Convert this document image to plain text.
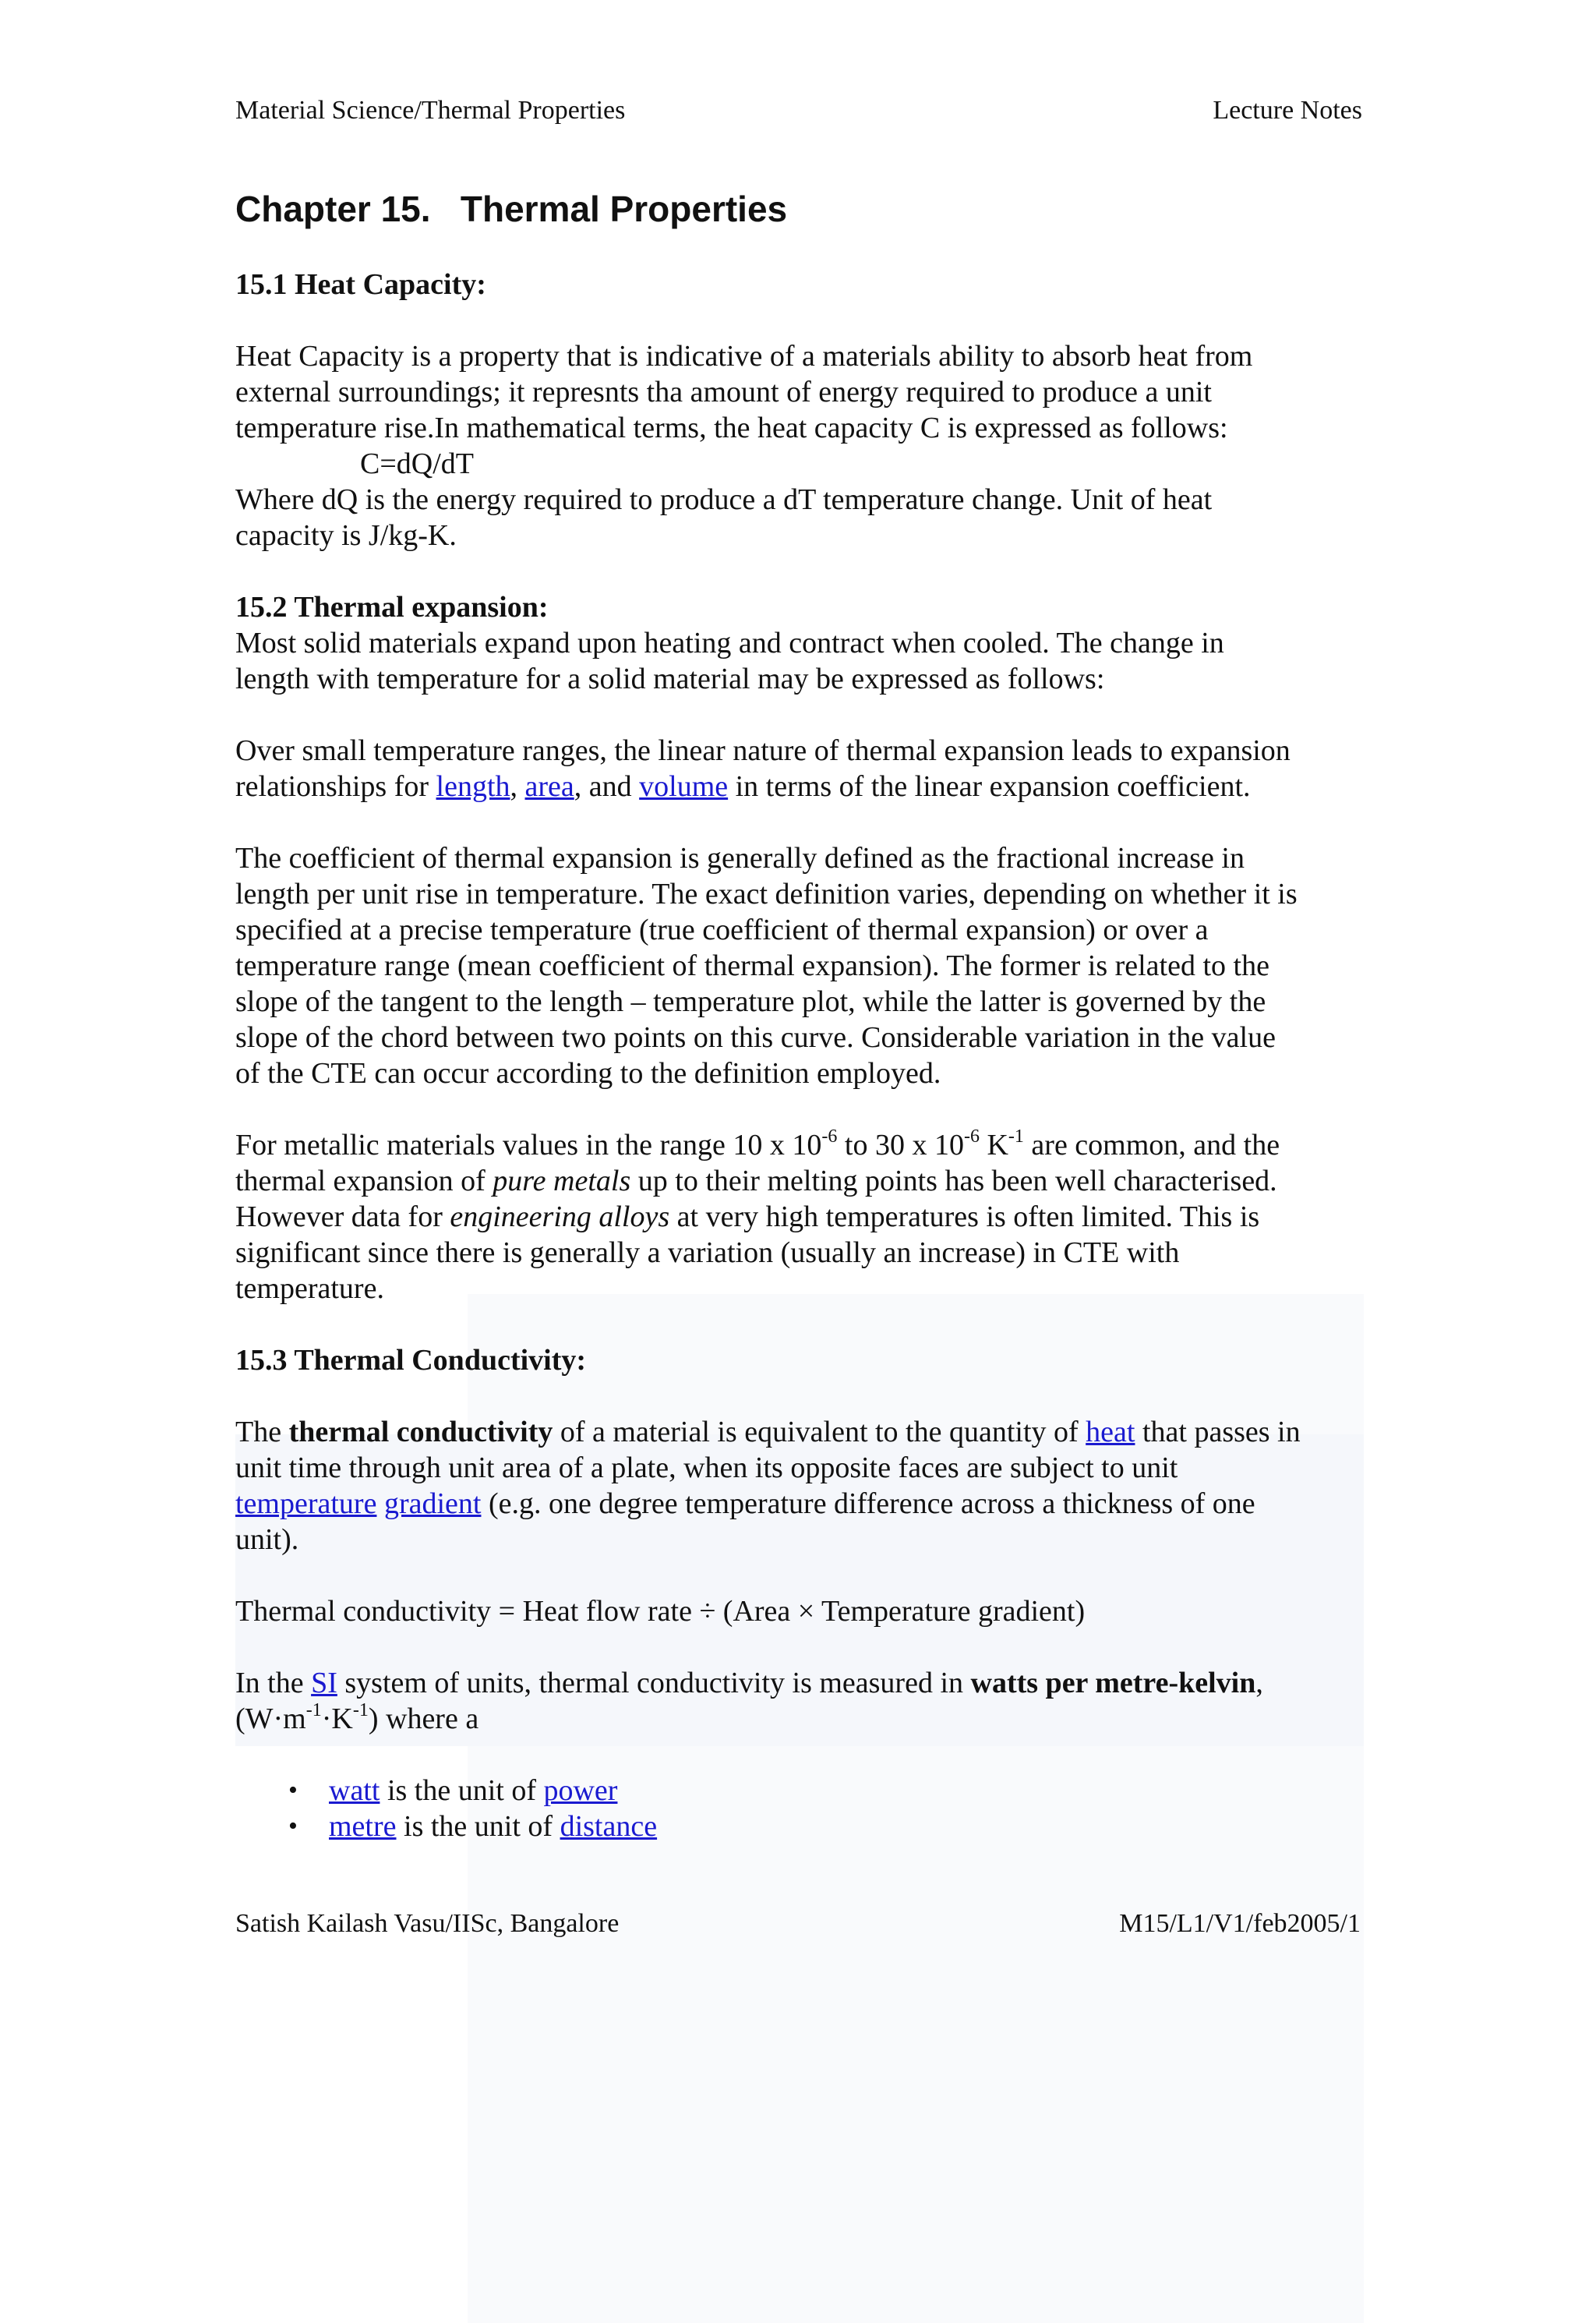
Material Science/Thermal Properties	Lecture Notes
Chapter 15.   Thermal Properties

15.1 Heat Capacity:

Heat Capacity is a property that is indicative of a materials ability to absorb heat from
external surroundings; it represnts tha amount of energy required to produce a unit
temperature rise.In mathematical terms, the heat capacity C is expressed as follows:

C=dQ/dT

Where dQ is the energy required to produce a dT temperature change. Unit of heat
capacity is J/kg-K.

15.2 Thermal expansion:

Most solid materials expand upon heating and contract when cooled. The change in
length with temperature for a solid material may be expressed as follows:

Over small temperature ranges, the linear nature of thermal expansion leads to expansion
relationships for length, area, and volume in terms of the linear expansion coefficient.

The coefficient of thermal expansion is generally defined as the fractional increase in
length per unit rise in temperature. The exact definition varies, depending on whether it is
specified at a precise temperature (true coefficient of thermal expansion) or over a
temperature range (mean coefficient of thermal expansion). The former is related to the
slope of the tangent to the length – temperature plot, while the latter is governed by the
slope of the chord between two points on this curve. Considerable variation in the value
of the CTE can occur according to the definition employed.

For metallic materials values in the range 10 x $10^{-6}$ to 30 x $10^{-6}$ $K^{-1}$ are common, and the
thermal expansion of pure metals up to their melting points has been well characterised.
However data for engineering alloys at very high temperatures is often limited. This is
significant since there is generally a variation (usually an increase) in CTE with
temperature.

15.3 Thermal Conductivity:

The thermal conductivity of a material is equivalent to the quantity of heat that passes in
unit time through unit area of a plate, when its opposite faces are subject to unit
temperature gradient (e.g. one degree temperature difference across a thickness of one
unit).

Thermal conductivity = Heat flow rate ÷ (Area × Temperature gradient)

In the SI system of units, thermal conductivity is measured in watts per metre-kelvin,
$(W\cdot m^{-1}\cdot K^{-1})$ where a

• watt is the unit of power
• metre is the unit of distance
Satish Kailash Vasu/IISc, Bangalore	M15/L1/V1/feb2005/1
